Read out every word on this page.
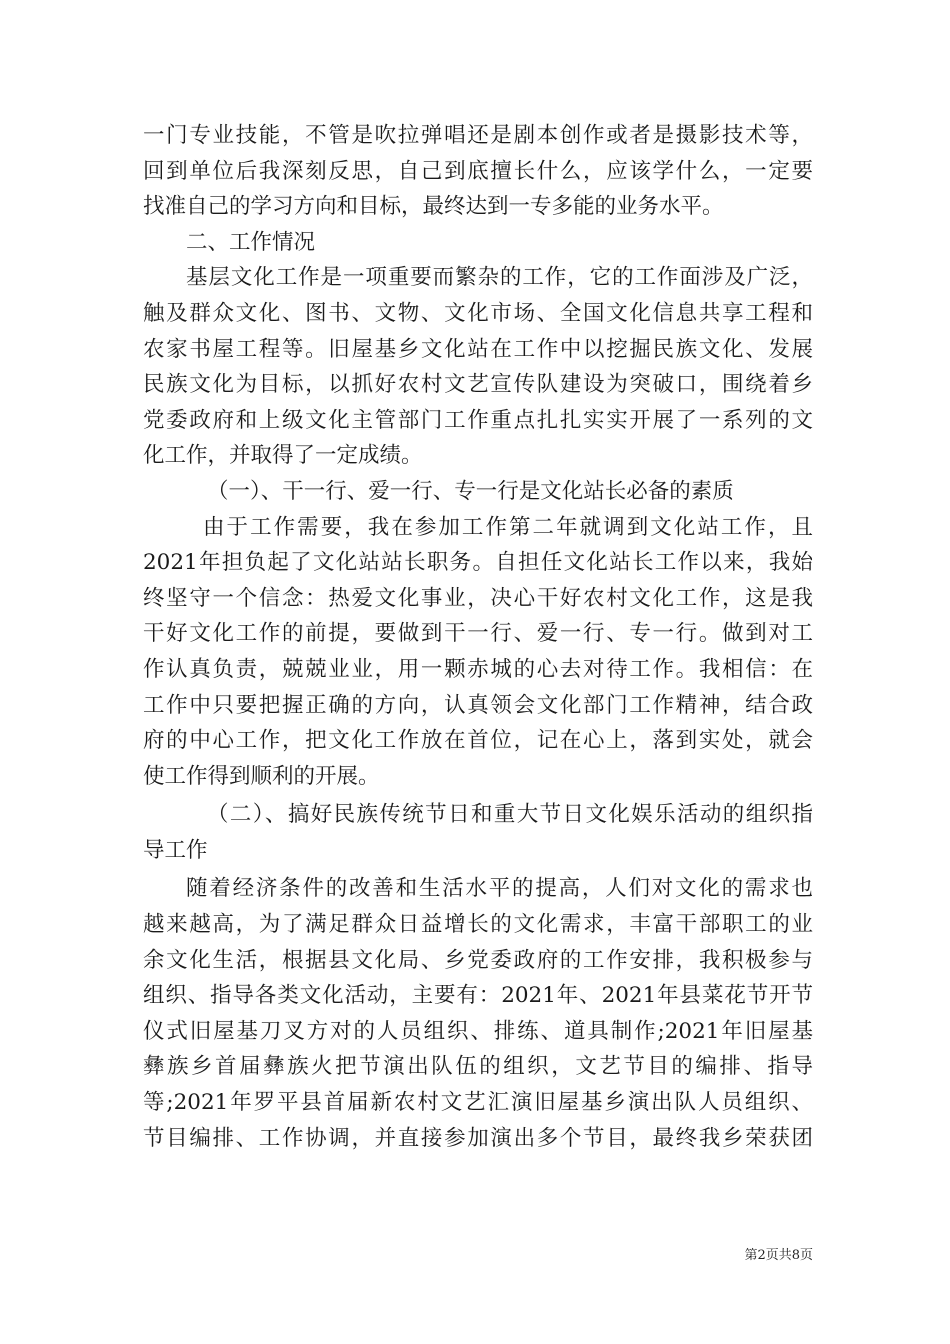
一门专业技能，不管是吹拉弹唱还是剧本创作或者是摄影技术等，
回到单位后我深刻反思，自己到底擅长什么，应该学什么，一定要
找准自己的学习方向和目标，最终达到一专多能的业务水平。
二、工作情况
基层文化工作是一项重要而繁杂的工作，它的工作面涉及广泛，
触及群众文化、图书、文物、文化市场、全国文化信息共享工程和
农家书屋工程等。旧屋基乡文化站在工作中以挖掘民族文化、发展
民族文化为目标，以抓好农村文艺宣传队建设为突破口，围绕着乡
党委政府和上级文化主管部门工作重点扎扎实实开展了一系列的文
化工作，并取得了一定成绩。
（一）、干一行、爱一行、专一行是文化站长必备的素质
由于工作需要，我在参加工作第二年就调到文化站工作，且
2021年担负起了文化站站长职务。自担任文化站长工作以来，我始
终坚守一个信念：热爱文化事业，决心干好农村文化工作，这是我
干好文化工作的前提，要做到干一行、爱一行、专一行。做到对工
作认真负责，兢兢业业，用一颗赤城的心去对待工作。我相信：在
工作中只要把握正确的方向，认真领会文化部门工作精神，结合政
府的中心工作，把文化工作放在首位，记在心上，落到实处，就会
使工作得到顺利的开展。
（二）、搞好民族传统节日和重大节日文化娱乐活动的组织指
导工作
随着经济条件的改善和生活水平的提高，人们对文化的需求也
越来越高，为了满足群众日益增长的文化需求，丰富干部职工的业
余文化生活，根据县文化局、乡党委政府的工作安排，我积极参与
组织、指导各类文化活动，主要有：2021年、2021年县菜花节开节
仪式旧屋基刀叉方对的人员组织、排练、道具制作;2021年旧屋基
彝族乡首届彝族火把节演出队伍的组织，文艺节目的编排、指导
等;2021年罗平县首届新农村文艺汇演旧屋基乡演出队人员组织、
节目编排、工作协调，并直接参加演出多个节目，最终我乡荣获团
第2页共8页
